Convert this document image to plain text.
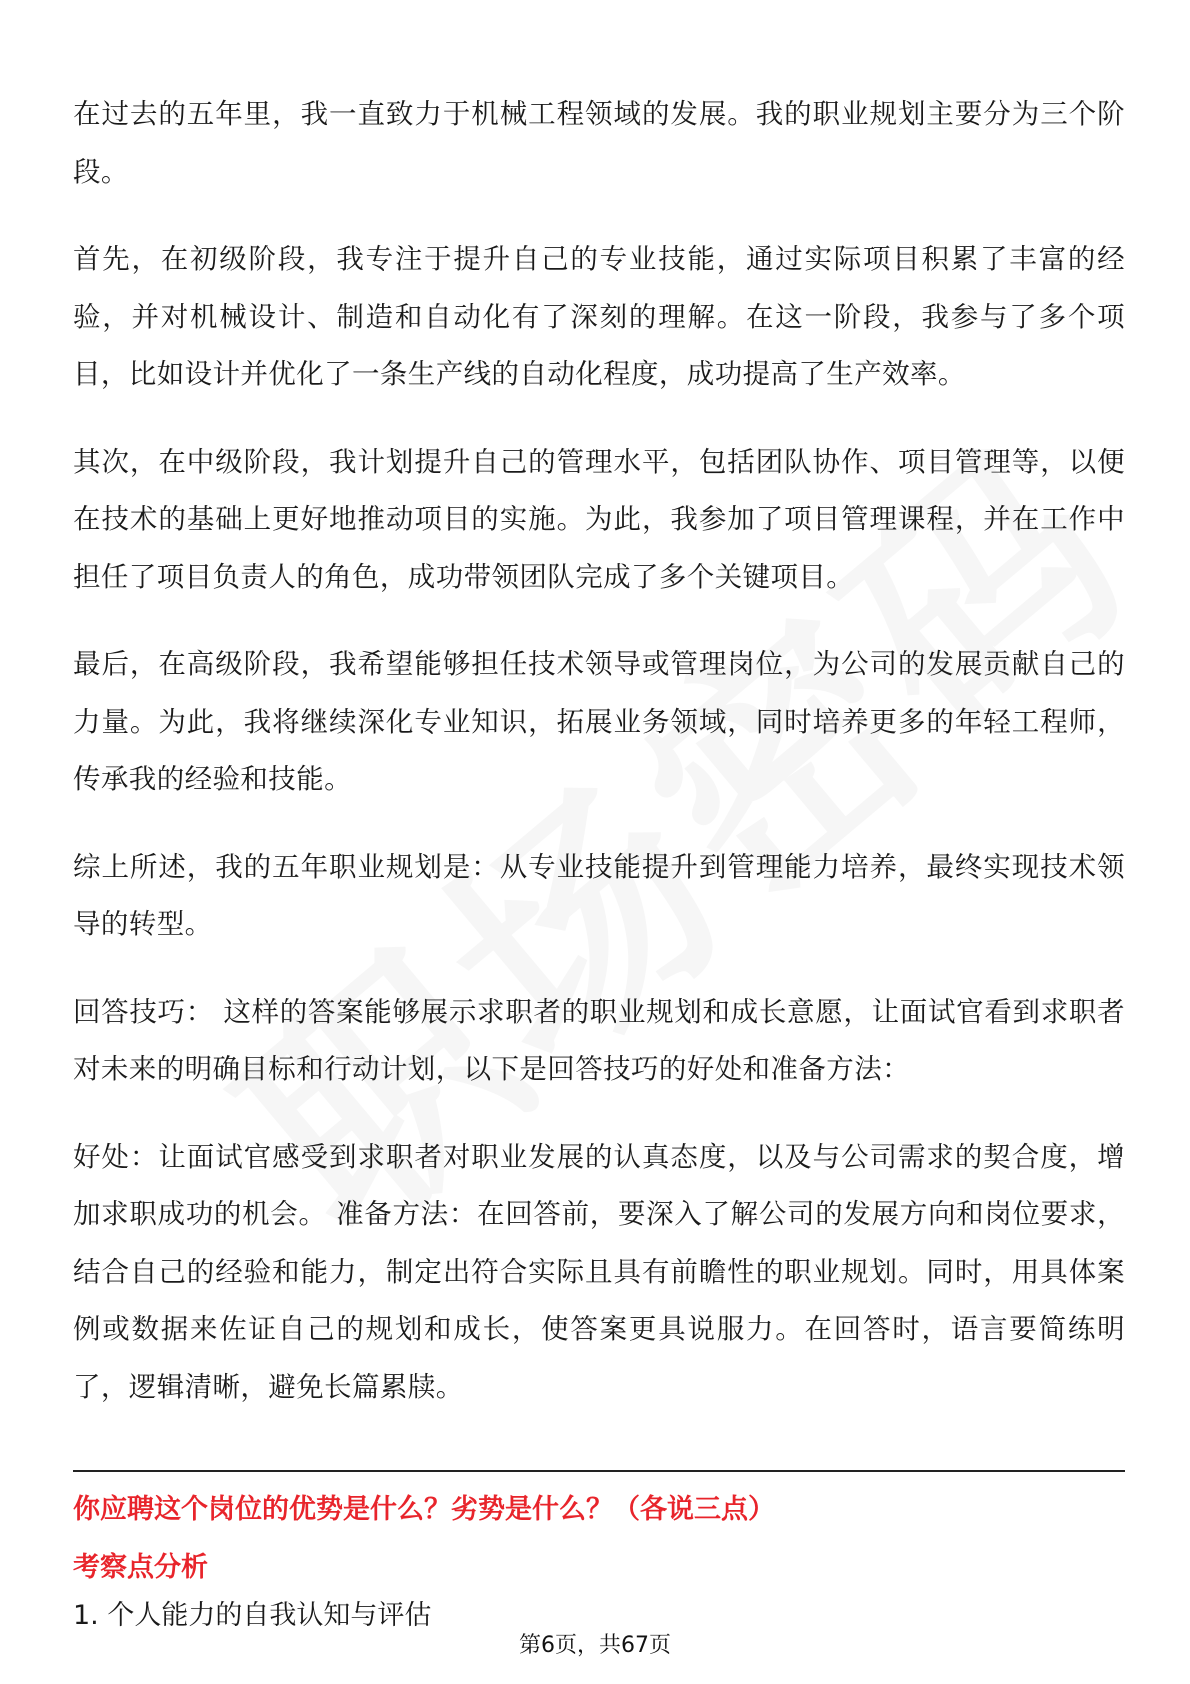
在过去的五年里，我一直致力于机械工程领域的发展。我的职业规划主要分为三个阶段。

首先，在初级阶段，我专注于提升自己的专业技能，通过实际项目积累了丰富的经验，并对机械设计、制造和自动化有了深刻的理解。在这一阶段，我参与了多个项目，比如设计并优化了一条生产线的自动化程度，成功提高了生产效率。

其次，在中级阶段，我计划提升自己的管理水平，包括团队协作、项目管理等，以便在技术的基础上更好地推动项目的实施。为此，我参加了项目管理课程，并在工作中担任了项目负责人的角色，成功带领团队完成了多个关键项目。

最后，在高级阶段，我希望能够担任技术领导或管理岗位，为公司的发展贡献自己的力量。为此，我将继续深化专业知识，拓展业务领域，同时培养更多的年轻工程师，传承我的经验和技能。

综上所述，我的五年职业规划是：从专业技能提升到管理能力培养，最终实现技术领导的转型。

回答技巧： 这样的答案能够展示求职者的职业规划和成长意愿，让面试官看到求职者对未来的明确目标和行动计划，以下是回答技巧的好处和准备方法：

好处：让面试官感受到求职者对职业发展的认真态度，以及与公司需求的契合度，增加求职成功的机会。 准备方法：在回答前，要深入了解公司的发展方向和岗位要求，结合自己的经验和能力，制定出符合实际且具有前瞻性的职业规划。同时，用具体案例或数据来佐证自己的规划和成长，使答案更具说服力。在回答时，语言要简练明了，逻辑清晰，避免长篇累牍。

你应聘这个岗位的优势是什么？劣势是什么？（各说三点）
考察点分析
1. 个人能力的自我认知与评估
第6页，共67页
